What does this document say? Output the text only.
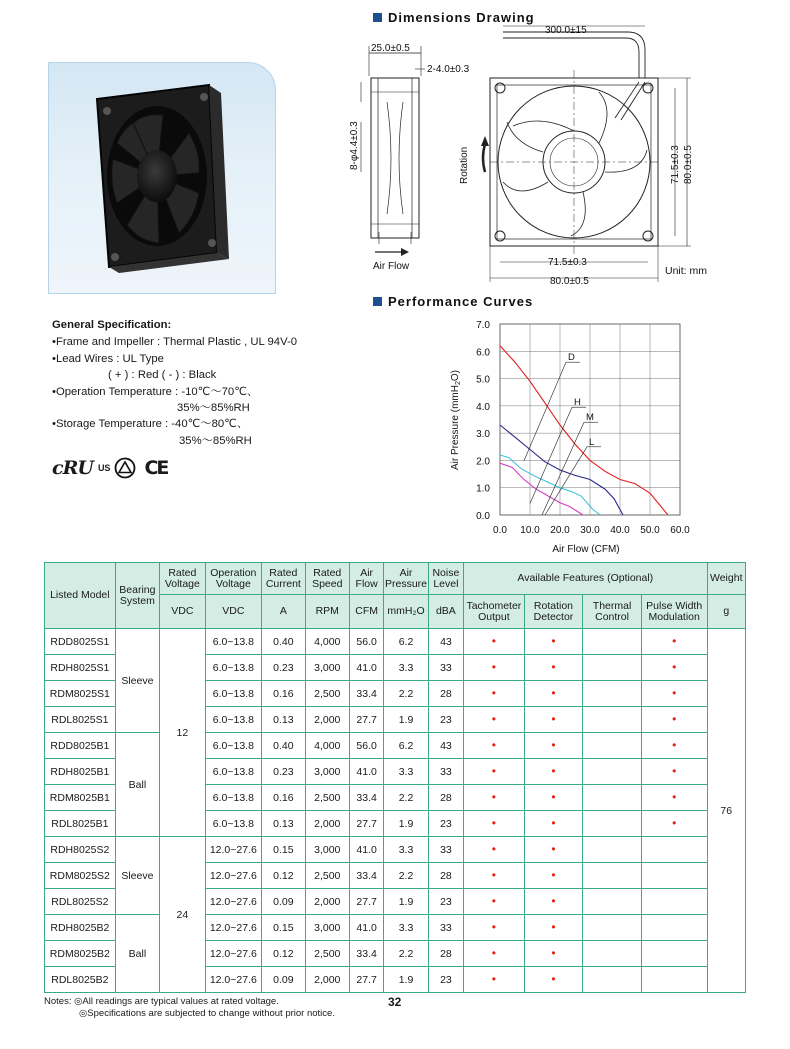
Dimensions Drawing
25.0±0.5
2-4.0±0.3
8-φ4.4±0.3
Air Flow
300.0±15
Rotation	71.5±0.3 80.0±0.5
71.5±0.3
80.0±0.5
Unit: mm
Performance Curves
0.0 10.0 20.0 30.0 40.0 50.0 60.0
0.0
1.0
2.0
3.0
4.0
5.0
6.0
7.0
D
H
M
L
Air Flow (CFM)
Air Pressure (mmH$_2$O)
General Specification:
•Frame and Impeller : Thermal Plastic , UL 94V-0
•Lead Wires : UL Type
( + ) : Red ( - ) : Black
•Operation Temperature : -10℃～70℃、
35%～85%RH
•Storage Temperature : -40℃～80℃、
35%～85%RH
cRU US CE
Listed Model	Bearing System	Rated Voltage	Operation Voltage	Rated Current	Rated Speed	Air Flow	Air Pressure	Noise Level	Available Features (Optional)				Weight
		VDC	VDC	A	RPM	CFM	mmH₂O	dBA	Tachometer Output	Rotation Detector	Thermal Control	Pulse Width Modulation	g
RDD8025S1	Sleeve	12	6.0~13.8	0.40	4,000	56.0	6.2	43	•	•		•	76
RDH8025S1			6.0~13.8	0.23	3,000	41.0	3.3	33	•	•		•	
RDM8025S1			6.0~13.8	0.16	2,500	33.4	2.2	28	•	•		•	
RDL8025S1			6.0~13.8	0.13	2,000	27.7	1.9	23	•	•		•	
RDD8025B1	Ball		6.0~13.8	0.40	4,000	56.0	6.2	43	•	•		•	
RDH8025B1			6.0~13.8	0.23	3,000	41.0	3.3	33	•	•		•	
RDM8025B1			6.0~13.8	0.16	2,500	33.4	2.2	28	•	•		•	
RDL8025B1			6.0~13.8	0.13	2,000	27.7	1.9	23	•	•		•	
RDH8025S2	Sleeve	24	12.0~27.6	0.15	3,000	41.0	3.3	33	•	•			
RDM8025S2			12.0~27.6	0.12	2,500	33.4	2.2	28	•	•			
RDL8025S2			12.0~27.6	0.09	2,000	27.7	1.9	23	•	•			
RDH8025B2	Ball		12.0~27.6	0.15	3,000	41.0	3.3	33	•	•			
RDM8025B2			12.0~27.6	0.12	2,500	33.4	2.2	28	•	•			
RDL8025B2			12.0~27.6	0.09	2,000	27.7	1.9	23	•	•			
Notes: ◎All readings are typical values at rated voltage.
◎Specifications are subjected to change without prior notice.
32
